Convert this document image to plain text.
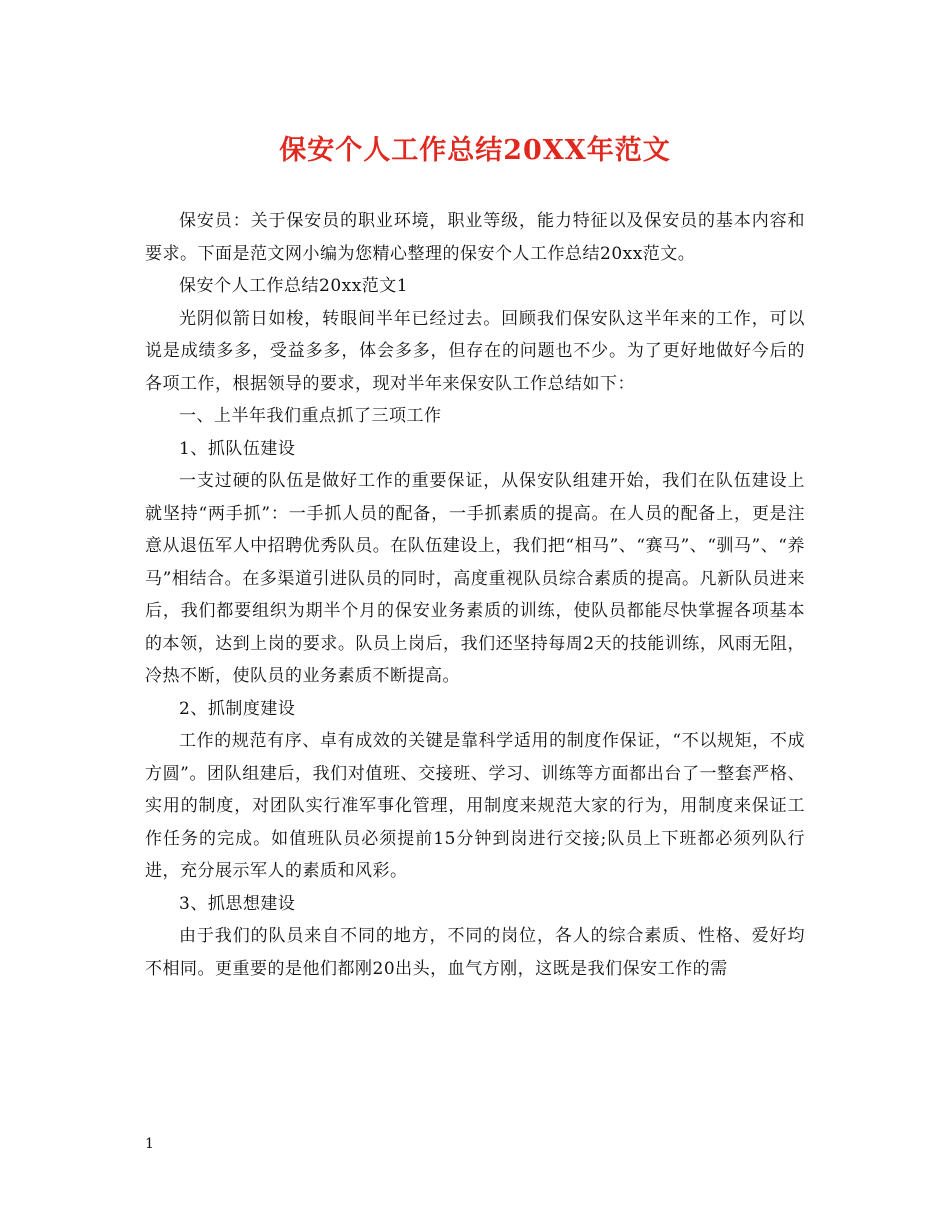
保安个人工作总结20XX年范文

保安员：关于保安员的职业环境，职业等级，能力特征以及保安员的基本内容和要求。下面是范文网小编为您精心整理的保安个人工作总结20xx范文。

保安个人工作总结20xx范文1

光阴似箭日如梭，转眼间半年已经过去。回顾我们保安队这半年来的工作，可以说是成绩多多，受益多多，体会多多，但存在的问题也不少。为了更好地做好今后的各项工作，根据领导的要求，现对半年来保安队工作总结如下：

一、上半年我们重点抓了三项工作

1、抓队伍建设

一支过硬的队伍是做好工作的重要保证，从保安队组建开始，我们在队伍建设上就坚持“两手抓”：一手抓人员的配备，一手抓素质的提高。在人员的配备上，更是注意从退伍军人中招聘优秀队员。在队伍建设上，我们把“相马”、“赛马”、“驯马”、“养马”相结合。在多渠道引进队员的同时，高度重视队员综合素质的提高。凡新队员进来后，我们都要组织为期半个月的保安业务素质的训练，使队员都能尽快掌握各项基本的本领，达到上岗的要求。队员上岗后，我们还坚持每周2天的技能训练，风雨无阻，冷热不断，使队员的业务素质不断提高。

2、抓制度建设

工作的规范有序、卓有成效的关键是靠科学适用的制度作保证，“不以规矩，不成方圆”。团队组建后，我们对值班、交接班、学习、训练等方面都出台了一整套严格、实用的制度，对团队实行准军事化管理，用制度来规范大家的行为，用制度来保证工作任务的完成。如值班队员必须提前15分钟到岗进行交接;队员上下班都必须列队行进，充分展示军人的素质和风彩。

3、抓思想建设

由于我们的队员来自不同的地方，不同的岗位，各人的综合素质、性格、爱好均不相同。更重要的是他们都刚20出头，血气方刚，这既是我们保安工作的需

1
